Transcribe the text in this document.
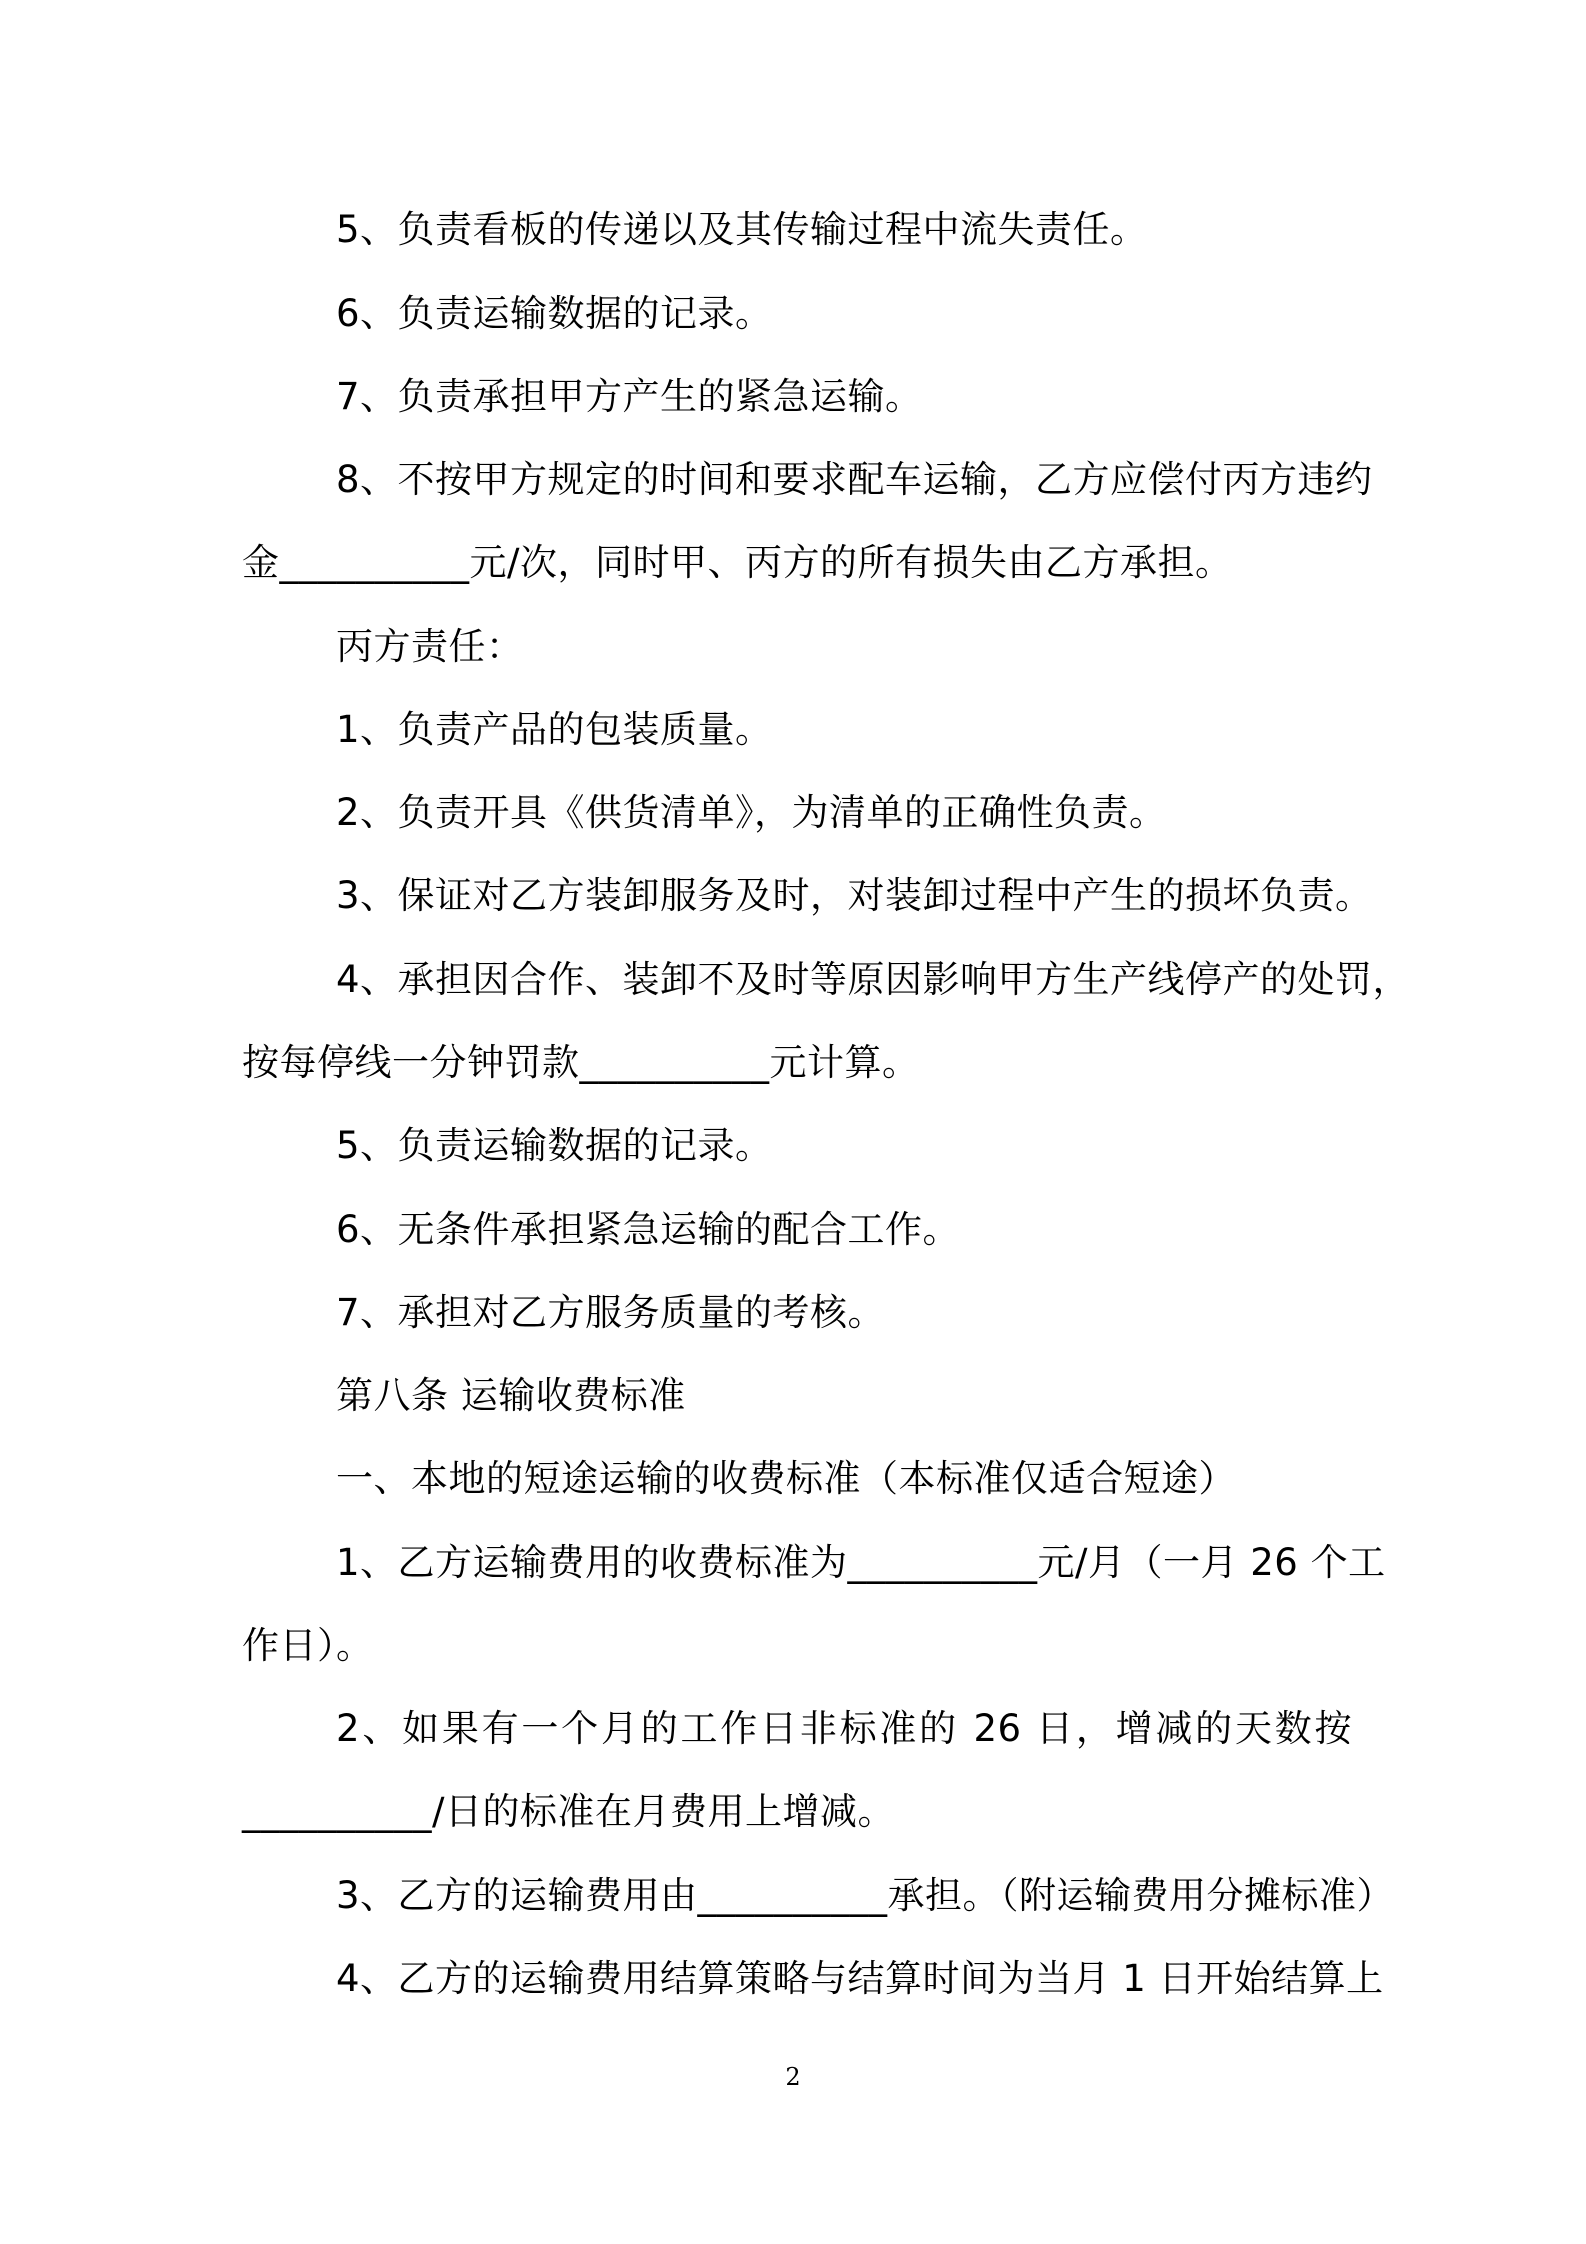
5、负责看板的传递以及其传输过程中流失责任。
6、负责运输数据的记录。
7、负责承担甲方产生的紧急运输。
8、不按甲方规定的时间和要求配车运输，乙方应偿付丙方违约
金__________元/次，同时甲、丙方的所有损失由乙方承担。
丙方责任：
1、负责产品的包装质量。
2、负责开具《供货清单》，为清单的正确性负责。
3、保证对乙方装卸服务及时，对装卸过程中产生的损坏负责。
4、承担因合作、装卸不及时等原因影响甲方生产线停产的处罚，
按每停线一分钟罚款__________元计算。
5、负责运输数据的记录。
6、无条件承担紧急运输的配合工作。
7、承担对乙方服务质量的考核。
第八条 运输收费标准
一、本地的短途运输的收费标准（本标准仅适合短途）
1、乙方运输费用的收费标准为__________元/月（一月 26 个工
作日）。
2、如果有一个月的工作日非标准的 26 日，增减的天数按
__________/日的标准在月费用上增减。
3、乙方的运输费用由__________承担。（附运输费用分摊标准）
4、乙方的运输费用结算策略与结算时间为当月 1 日开始结算上
2
